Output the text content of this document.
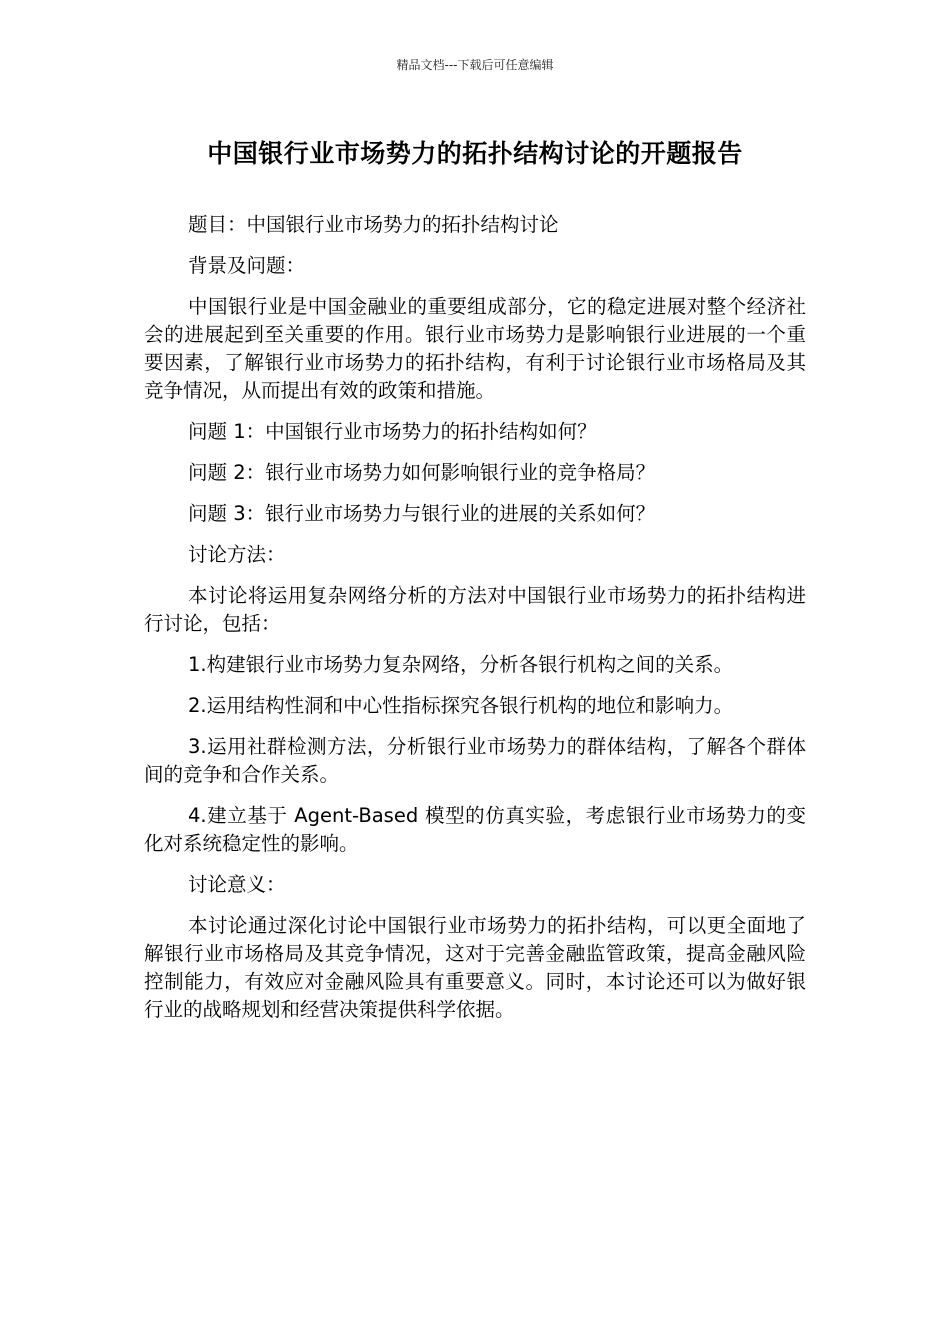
精品文档---下载后可任意编辑
中国银行业市场势力的拓扑结构讨论的开题报告

题目：中国银行业市场势力的拓扑结构讨论

背景及问题：

中国银行业是中国金融业的重要组成部分，它的稳定进展对整个经济社会的进展起到至关重要的作用。银行业市场势力是影响银行业进展的一个重要因素，了解银行业市场势力的拓扑结构，有利于讨论银行业市场格局及其竞争情况，从而提出有效的政策和措施。

问题 1：中国银行业市场势力的拓扑结构如何？

问题 2：银行业市场势力如何影响银行业的竞争格局？

问题 3：银行业市场势力与银行业的进展的关系如何？

讨论方法：

本讨论将运用复杂网络分析的方法对中国银行业市场势力的拓扑结构进行讨论，包括：

1.构建银行业市场势力复杂网络，分析各银行机构之间的关系。

2.运用结构性洞和中心性指标探究各银行机构的地位和影响力。

3.运用社群检测方法，分析银行业市场势力的群体结构，了解各个群体间的竞争和合作关系。

4.建立基于 Agent-Based 模型的仿真实验，考虑银行业市场势力的变化对系统稳定性的影响。

讨论意义：

本讨论通过深化讨论中国银行业市场势力的拓扑结构，可以更全面地了解银行业市场格局及其竞争情况，这对于完善金融监管政策，提高金融风险控制能力，有效应对金融风险具有重要意义。同时，本讨论还可以为做好银行业的战略规划和经营决策提供科学依据。
